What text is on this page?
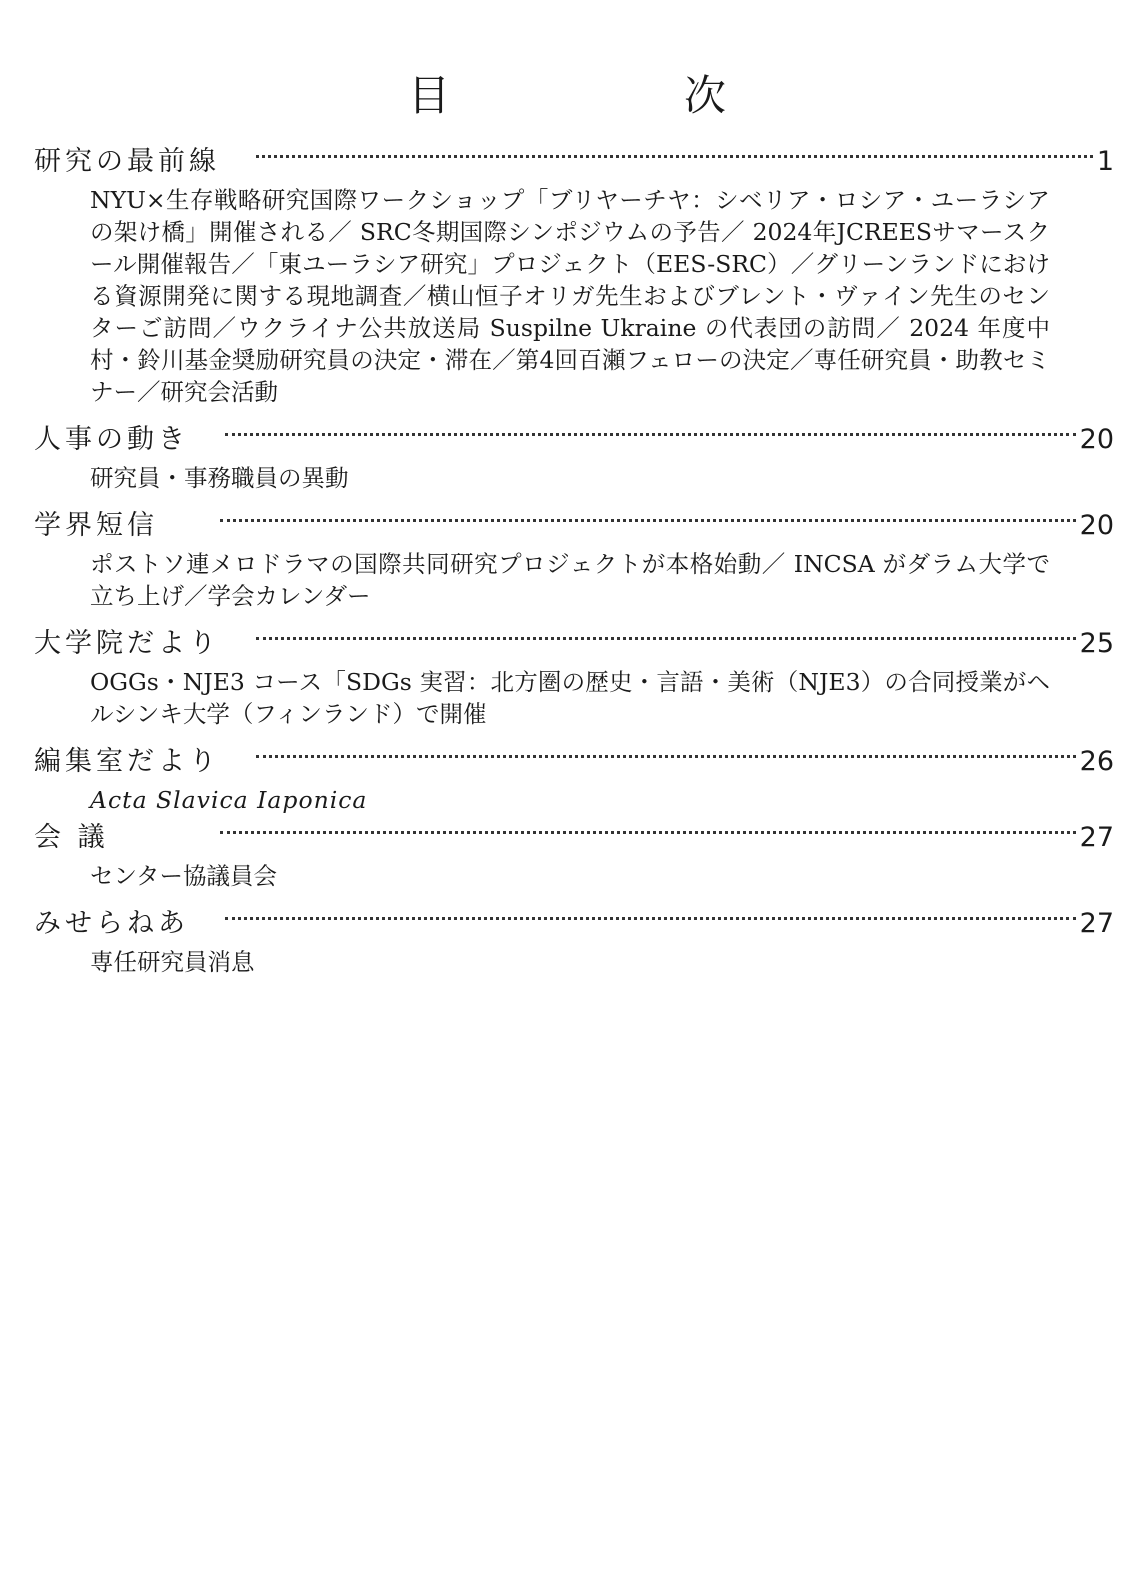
目　次
研究の最前線	1
NYU×生存戦略研究国際ワークショップ「ブリヤーチヤ：シベリア・ロシア・ユーラシアの架け橋」開催される／ SRC冬期国際シンポジウムの予告／ 2024年JCREESサマースクール開催報告／「東ユーラシア研究」プロジェクト（EES-SRC）／グリーンランドにおける資源開発に関する現地調査／横山恒子オリガ先生およびブレント・ヴァイン先生のセンターご訪問／ウクライナ公共放送局 Suspilne Ukraine の代表団の訪問／ 2024 年度中村・鈴川基金奨励研究員の決定・滞在／第4回百瀬フェローの決定／専任研究員・助教セミナー／研究会活動
人事の動き	20
研究員・事務職員の異動
学界短信	20
ポストソ連メロドラマの国際共同研究プロジェクトが本格始動／ INCSA がダラム大学で立ち上げ／学会カレンダー
大学院だより	25
OGGs・NJE3 コース「SDGs 実習：北方圏の歴史・言語・美術（NJE3）の合同授業がヘルシンキ大学（フィンランド）で開催
編集室だより	26
Acta Slavica Iaponica
会 議	27
センター協議員会
みせらねあ	27
専任研究員消息
